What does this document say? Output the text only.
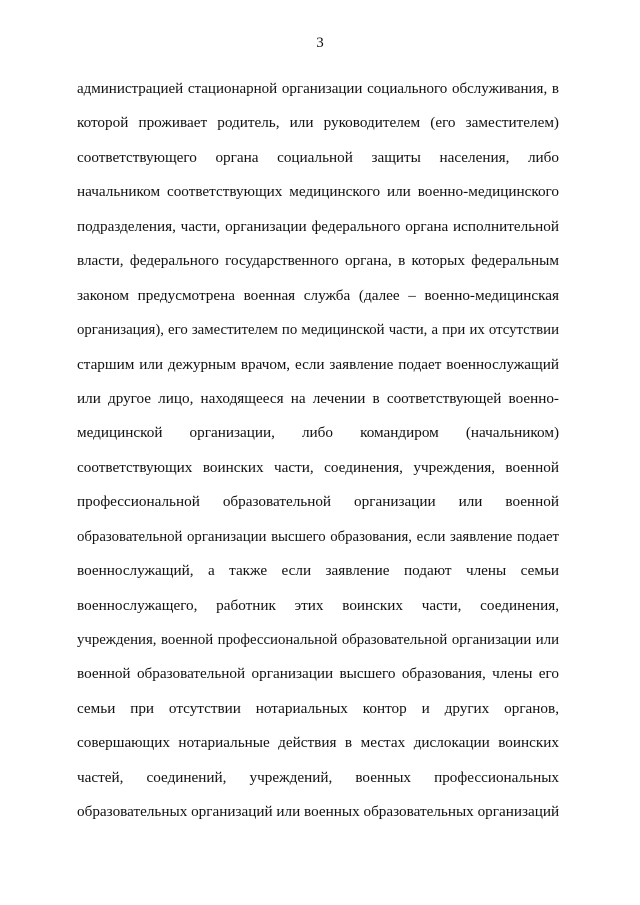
3
администрацией стационарной организации социального обслуживания, в
которой проживает родитель, или руководителем (его заместителем)
соответствующего органа социальной защиты населения, либо
начальником соответствующих медицинского или военно-медицинского
подразделения, части, организации федерального органа исполнительной
власти, федерального государственного органа, в которых федеральным
законом предусмотрена военная служба (далее – военно-медицинская
организация), его заместителем по медицинской части, а при их отсутствии
старшим или дежурным врачом, если заявление подает военнослужащий
или другое лицо, находящееся на лечении в соответствующей военно-
медицинской организации, либо командиром (начальником)
соответствующих воинских части, соединения, учреждения, военной
профессиональной образовательной организации или военной
образовательной организации высшего образования, если заявление подает
военнослужащий, а также если заявление подают члены семьи
военнослужащего, работник этих воинских части, соединения,
учреждения, военной профессиональной образовательной организации или
военной образовательной организации высшего образования, члены его
семьи при отсутствии нотариальных контор и других органов,
совершающих нотариальные действия в местах дислокации воинских
частей, соединений, учреждений, военных профессиональных
образовательных организаций или военных образовательных организаций
